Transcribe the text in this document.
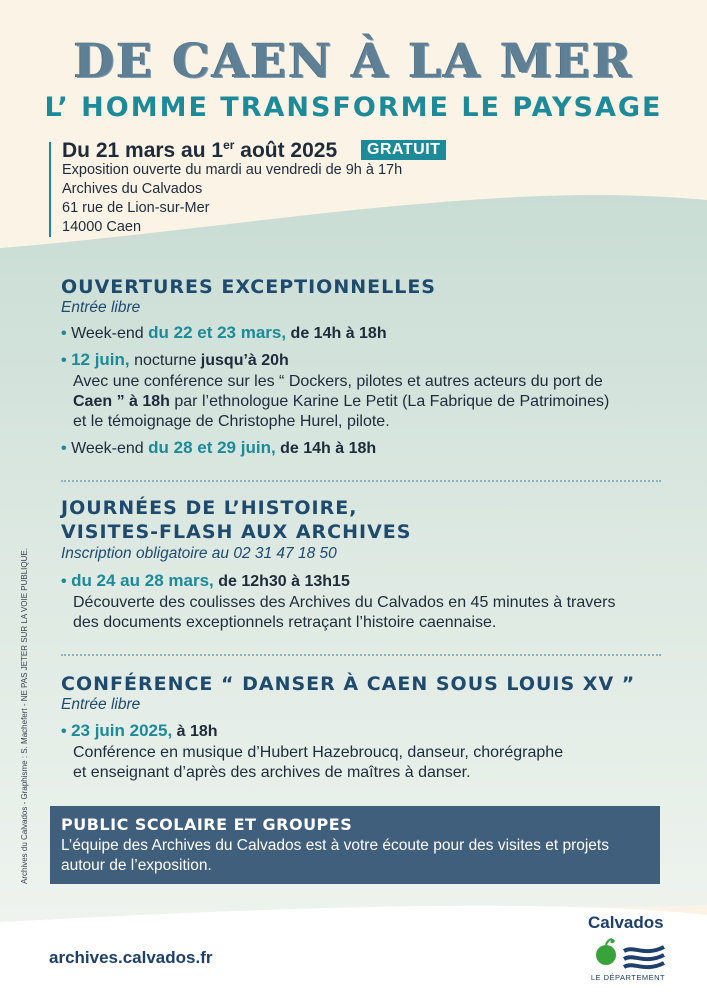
DE CAEN À LA MER
L’ HOMME TRANSFORME LE PAYSAGE
Du 21 mars au 1er août 2025	GRATUIT
Exposition ouverte du mardi au vendredi de 9h à 17h
Archives du Calvados
61 rue de Lion-sur-Mer
14000 Caen
OUVERTURES EXCEPTIONNELLES
Entrée libre
• Week-end du 22 et 23 mars, de 14h à 18h
• 12 juin, nocturne jusqu’à 20h
Avec une conférence sur les “ Dockers, pilotes et autres acteurs du port de
Caen ” à 18h par l’ethnologue Karine Le Petit (La Fabrique de Patrimoines)
et le témoignage de Christophe Hurel, pilote.
• Week-end du 28 et 29 juin, de 14h à 18h
JOURNÉES DE L’HISTOIRE,
VISITES-FLASH AUX ARCHIVES
Inscription obligatoire au 02 31 47 18 50
• du 24 au 28 mars, de 12h30 à 13h15
Découverte des coulisses des Archives du Calvados en 45 minutes à travers
des documents exceptionnels retraçant l’histoire caennaise.
CONFÉRENCE “ DANSER À CAEN SOUS LOUIS XV ”
Entrée libre
• 23 juin 2025, à 18h
Conférence en musique d’Hubert Hazebroucq, danseur, chorégraphe
et enseignant d’après des archives de maîtres à danser.
PUBLIC SCOLAIRE ET GROUPES
L’équipe des Archives du Calvados est à votre écoute pour des visites et projets
autour de l’exposition.
Archives du Calvados - Graphisme : S. Machefert - NE PAS JETER SUR LA VOIE PUBLIQUE.
archives.calvados.fr
Calvados
LE DÉPARTEMENT
